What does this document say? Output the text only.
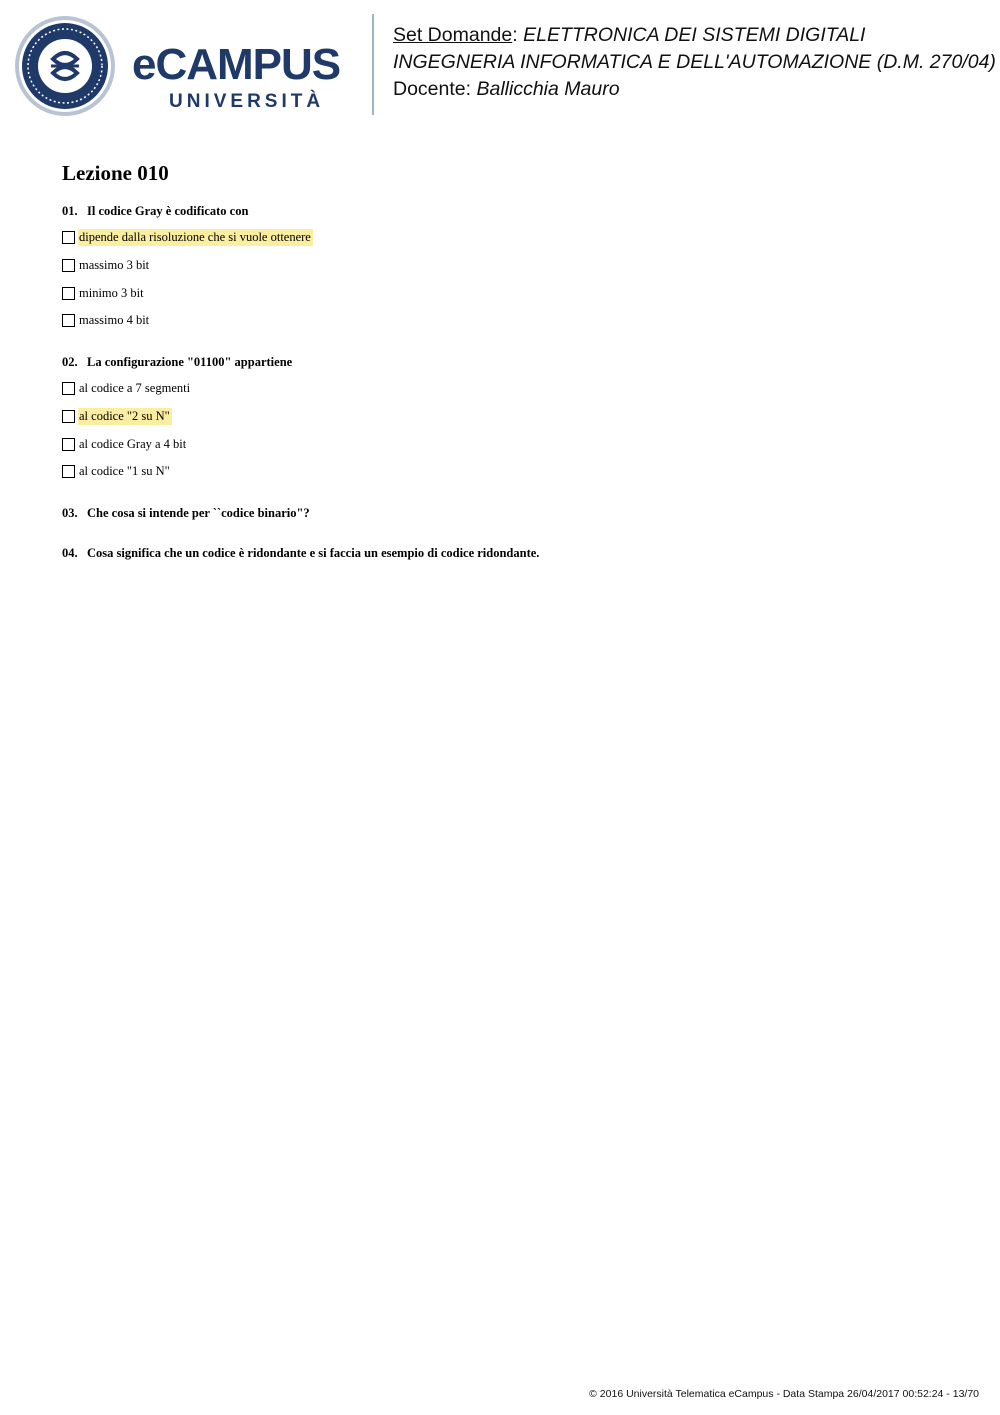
eCAMPUS
UNIVERSITÀ
Set Domande: ELETTRONICA DEI SISTEMI DIGITALI
INGEGNERIA INFORMATICA E DELL'AUTOMAZIONE (D.M. 270/04)
Docente: Ballicchia Mauro
Lezione 010
01. Il codice Gray è codificato con
dipende dalla risoluzione che si vuole ottenere
massimo 3 bit
minimo 3 bit
massimo 4 bit
02. La configurazione "01100" appartiene
al codice a 7 segmenti
al codice "2 su N"
al codice Gray a 4 bit
al codice "1 su N"
03. Che cosa si intende per ``codice binario"?
04. Cosa significa che un codice è ridondante e si faccia un esempio di codice ridondante.
© 2016 Università Telematica eCampus - Data Stampa 26/04/2017 00:52:24 - 13/70
